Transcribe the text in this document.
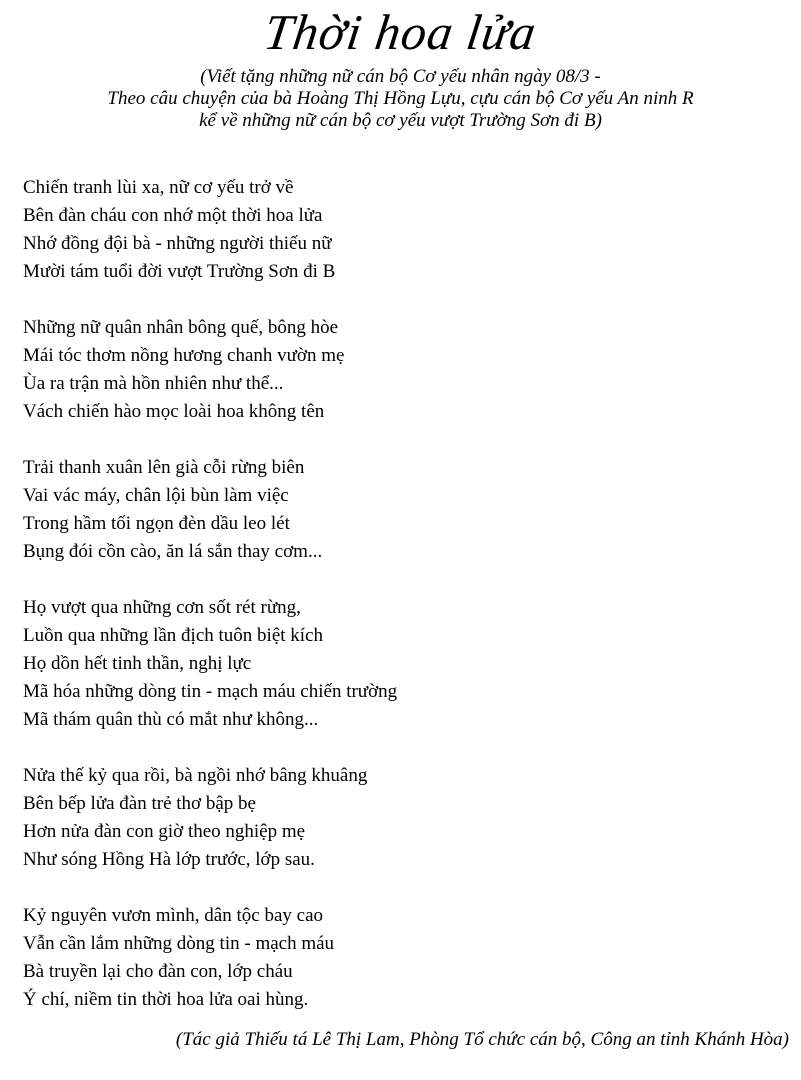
Thời hoa lửa
(Viết tặng những nữ cán bộ Cơ yếu nhân ngày 08/3 -
Theo câu chuyện của bà Hoàng Thị Hồng Lựu, cựu cán bộ Cơ yếu An ninh R
kể về những nữ cán bộ cơ yếu vượt Trường Sơn đi B)
Chiến tranh lùi xa, nữ cơ yếu trở về
Bên đàn cháu con nhớ một thời hoa lửa
Nhớ đồng đội bà - những người thiếu nữ
Mười tám tuổi đời vượt Trường Sơn đi B
Những nữ quân nhân bông quế, bông hòe
Mái tóc thơm nồng hương chanh vườn mẹ
Ùa ra trận mà hồn nhiên như thể...
Vách chiến hào mọc loài hoa không tên
Trải thanh xuân lên già cỗi rừng biên
Vai vác máy, chân lội bùn làm việc
Trong hầm tối ngọn đèn dầu leo lét
Bụng đói cồn cào, ăn lá sắn thay cơm...
Họ vượt qua những cơn sốt rét rừng,
Luồn qua những lần địch tuôn biệt kích
Họ dồn hết tinh thần, nghị lực
Mã hóa những dòng tin - mạch máu chiến trường
Mã thám quân thù có mắt như không...
Nửa thế kỷ qua rồi, bà ngồi nhớ bâng khuâng
Bên bếp lửa đàn trẻ thơ bập bẹ
Hơn nửa đàn con giờ theo nghiệp mẹ
Như sóng Hồng Hà lớp trước, lớp sau.
Kỷ nguyên vươn mình, dân tộc bay cao
Vẫn cần lắm những dòng tin - mạch máu
Bà truyền lại cho đàn con, lớp cháu
Ý chí, niềm tin thời hoa lửa oai hùng.
(Tác giả Thiếu tá Lê Thị Lam, Phòng Tổ chức cán bộ, Công an tỉnh Khánh Hòa)
